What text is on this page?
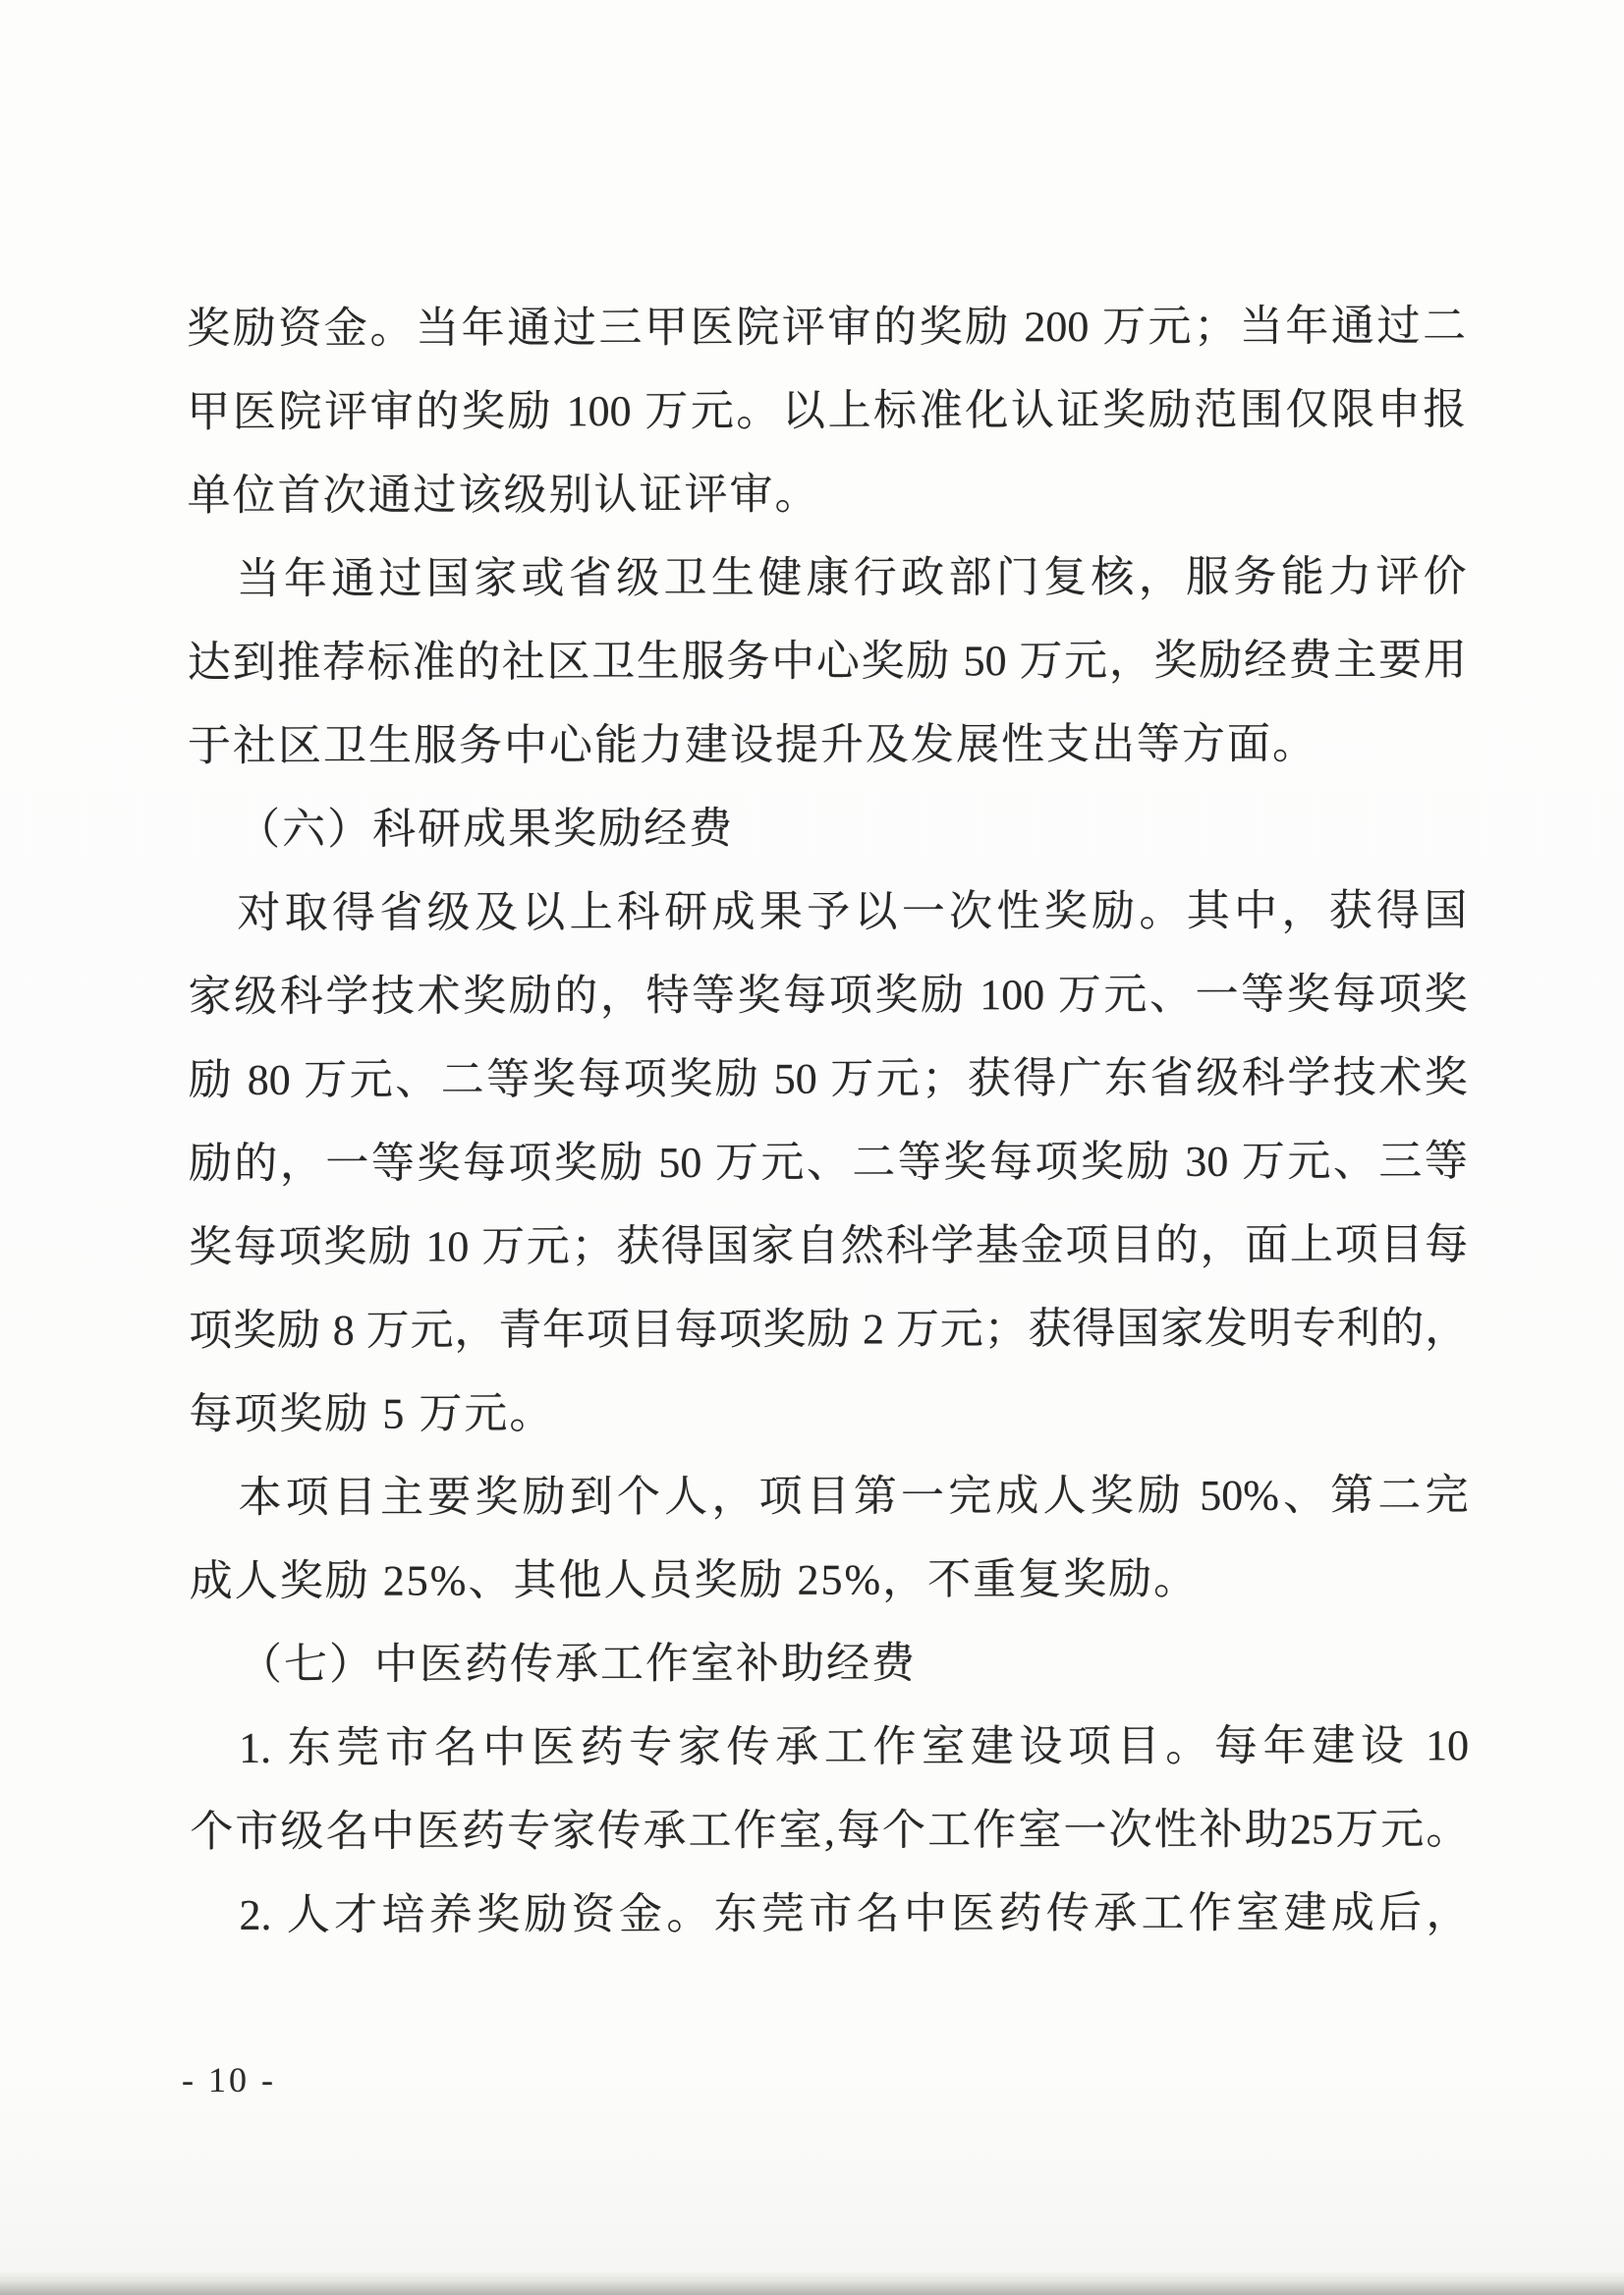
奖励资金。当年通过三甲医院评审的奖励 200 万元；当年通过二
甲医院评审的奖励 100 万元。以上标准化认证奖励范围仅限申报
单位首次通过该级别认证评审。
当年通过国家或省级卫生健康行政部门复核，服务能力评价
达到推荐标准的社区卫生服务中心奖励 50 万元，奖励经费主要用
于社区卫生服务中心能力建设提升及发展性支出等方面。
（六）科研成果奖励经费
对取得省级及以上科研成果予以一次性奖励。其中，获得国
家级科学技术奖励的，特等奖每项奖励 100 万元、一等奖每项奖
励 80 万元、二等奖每项奖励 50 万元；获得广东省级科学技术奖
励的，一等奖每项奖励 50 万元、二等奖每项奖励 30 万元、三等
奖每项奖励 10 万元；获得国家自然科学基金项目的，面上项目每
项奖励 8 万元，青年项目每项奖励 2 万元；获得国家发明专利的，
每项奖励 5 万元。
本项目主要奖励到个人，项目第一完成人奖励 50%、第二完
成人奖励 25%、其他人员奖励 25%，不重复奖励。
（七）中医药传承工作室补助经费
1. 东莞市名中医药专家传承工作室建设项目。每年建设 10
个市级名中医药专家传承工作室,每个工作室一次性补助25万元。
2. 人才培养奖励资金。东莞市名中医药传承工作室建成后，
- 10 -
